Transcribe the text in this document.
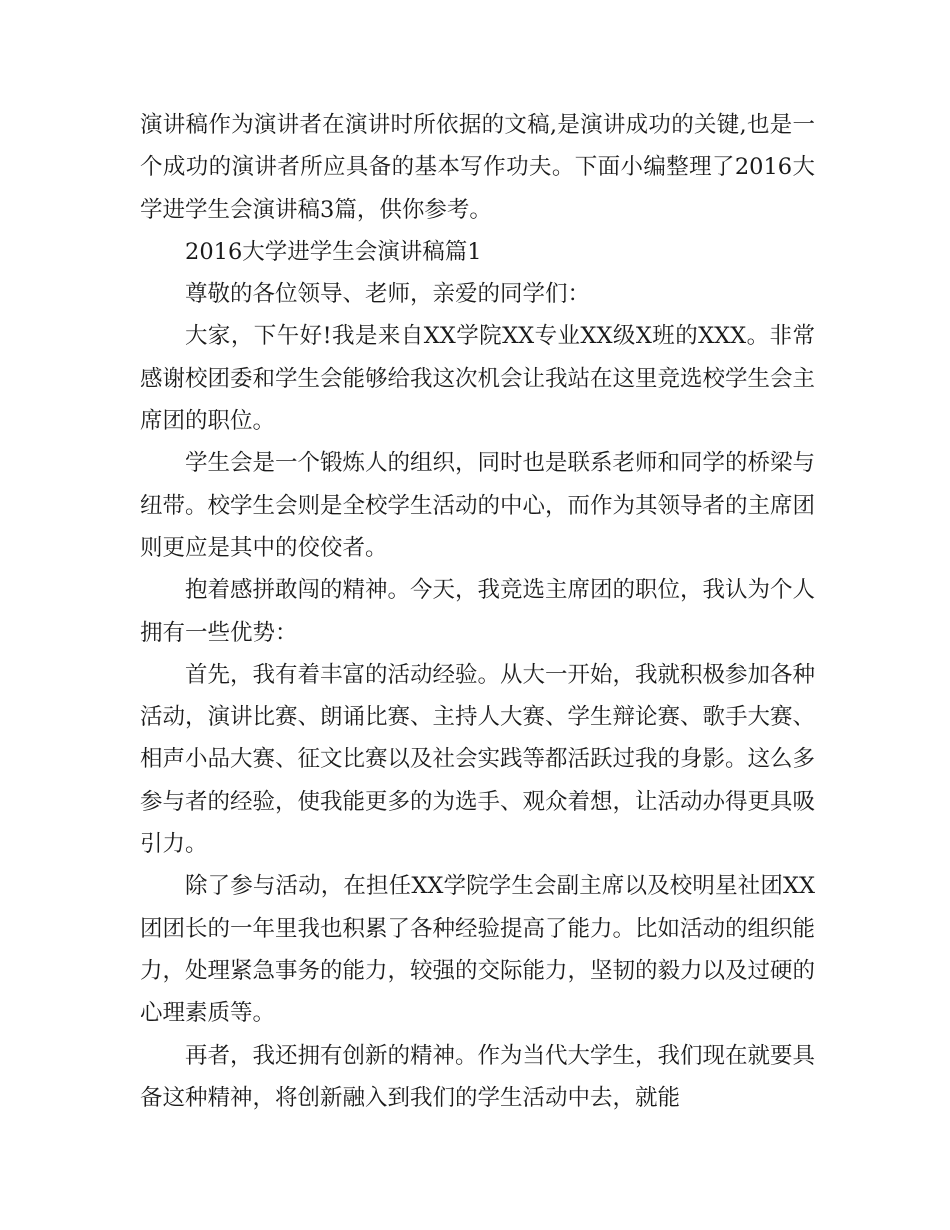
演讲稿作为演讲者在演讲时所依据的文稿,是演讲成功的关键,也是一个成功的演讲者所应具备的基本写作功夫。下面小编整理了2016大学进学生会演讲稿3篇，供你参考。

2016大学进学生会演讲稿篇1

尊敬的各位领导、老师，亲爱的同学们：

大家，下午好!我是来自XX学院XX专业XX级X班的XXX。非常感谢校团委和学生会能够给我这次机会让我站在这里竞选校学生会主席团的职位。

学生会是一个锻炼人的组织，同时也是联系老师和同学的桥梁与纽带。校学生会则是全校学生活动的中心，而作为其领导者的主席团则更应是其中的佼佼者。

抱着感拼敢闯的精神。今天，我竞选主席团的职位，我认为个人拥有一些优势：

首先，我有着丰富的活动经验。从大一开始，我就积极参加各种活动，演讲比赛、朗诵比赛、主持人大赛、学生辩论赛、歌手大赛、相声小品大赛、征文比赛以及社会实践等都活跃过我的身影。这么多参与者的经验，使我能更多的为选手、观众着想，让活动办得更具吸引力。

除了参与活动，在担任XX学院学生会副主席以及校明星社团XX团团长的一年里我也积累了各种经验提高了能力。比如活动的组织能力，处理紧急事务的能力，较强的交际能力，坚韧的毅力以及过硬的心理素质等。

再者，我还拥有创新的精神。作为当代大学生，我们现在就要具备这种精神，将创新融入到我们的学生活动中去，就能
